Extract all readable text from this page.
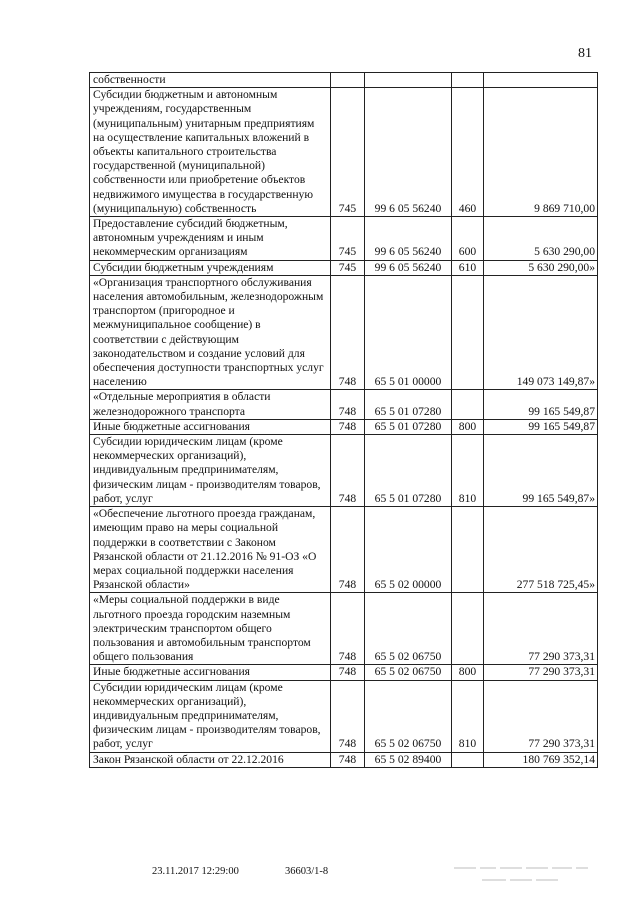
81
собственности				
Субсидии бюджетным и автономным учреждениям, государственным (муниципальным) унитарным предприятиям на осуществление капитальных вложений в объекты капитального строительства государственной (муниципальной) собственности или приобретение объектов недвижимого имущества в государственную (муниципальную) собственность	745	99 6 05 56240	460	9 869 710,00
Предоставление субсидий бюджетным, автономным учреждениям и иным некоммерческим организациям	745	99 6 05 56240	600	5 630 290,00
Субсидии бюджетным учреждениям	745	99 6 05 56240	610	5 630 290,00»
«Организация транспортного обслуживания населения автомобильным, железнодорожным транспортом (пригородное и межмуниципальное сообщение) в соответствии с действующим законодательством и создание условий для обеспечения доступности транспортных услуг населению	748	65 5 01 00000		149 073 149,87»
«Отдельные мероприятия в области железнодорожного транспорта	748	65 5 01 07280		99 165 549,87
Иные бюджетные ассигнования	748	65 5 01 07280	800	99 165 549,87
Субсидии юридическим лицам (кроме некоммерческих организаций), индивидуальным предпринимателям, физическим лицам - производителям товаров, работ, услуг	748	65 5 01 07280	810	99 165 549,87»
«Обеспечение льготного проезда гражданам, имеющим право на меры социальной поддержки в соответствии с Законом Рязанской области от 21.12.2016 № 91-ОЗ «О мерах социальной поддержки населения Рязанской области»	748	65 5 02 00000		277 518 725,45»
«Меры социальной поддержки в виде льготного проезда городским наземным электрическим транспортом общего пользования и автомобильным транспортом общего пользования	748	65 5 02 06750		77 290 373,31
Иные бюджетные ассигнования	748	65 5 02 06750	800	77 290 373,31
Субсидии юридическим лицам (кроме некоммерческих организаций), индивидуальным предпринимателям, физическим лицам - производителям товаров, работ, услуг	748	65 5 02 06750	810	77 290 373,31
Закон Рязанской области от 22.12.2016	748	65 5 02 89400		180 769 352,14
23.11.2017 12:29:00	36603/1-8
